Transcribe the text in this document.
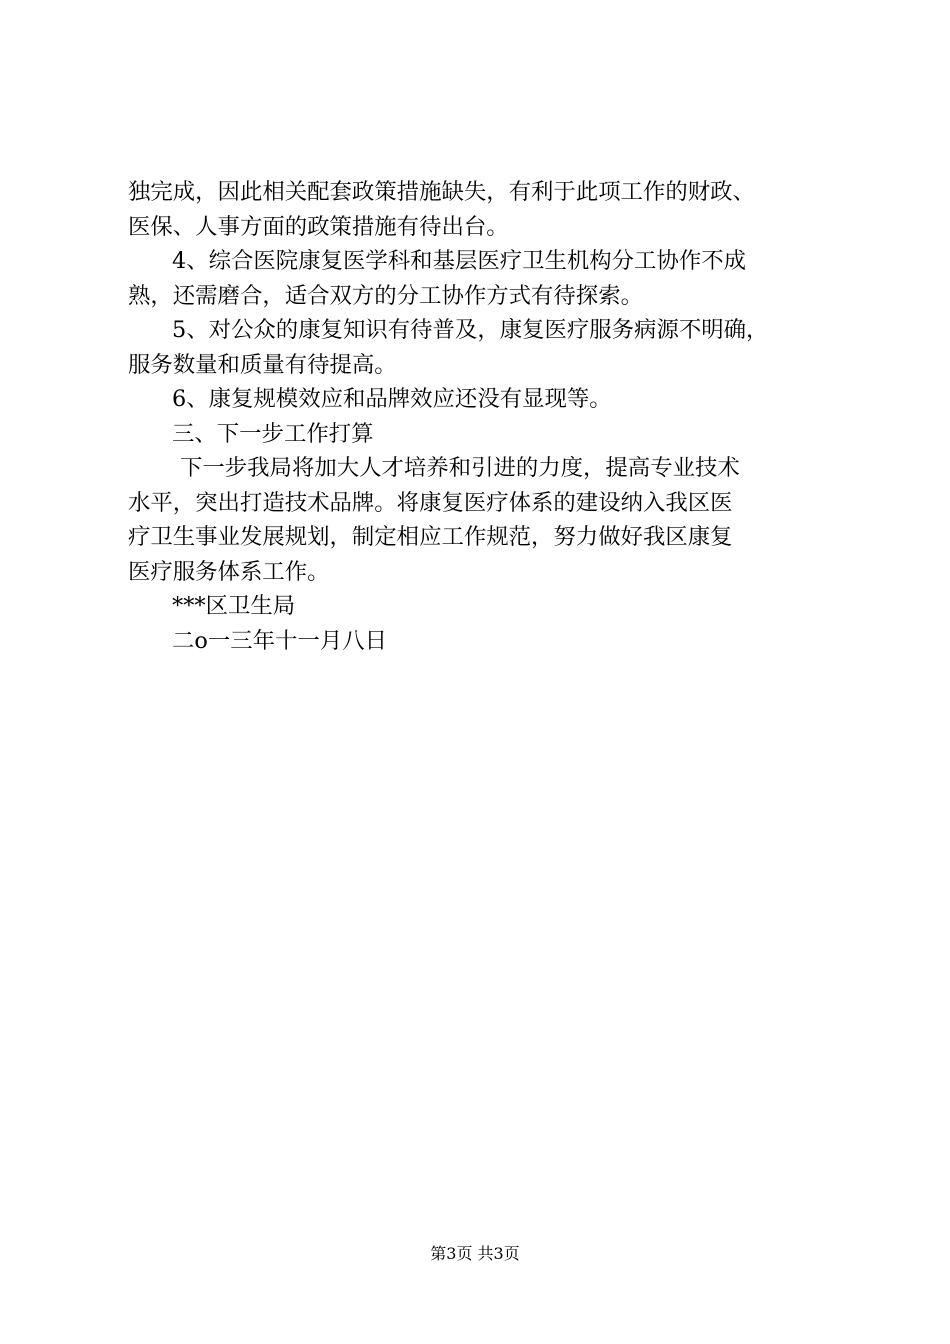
独完成，因此相关配套政策措施缺失，有利于此项工作的财政、
医保、人事方面的政策措施有待出台。
4、综合医院康复医学科和基层医疗卫生机构分工协作不成
熟，还需磨合，适合双方的分工协作方式有待探索。
5、对公众的康复知识有待普及，康复医疗服务病源不明确，
服务数量和质量有待提高。
6、康复规模效应和品牌效应还没有显现等。
三、下一步工作打算
下一步我局将加大人才培养和引进的力度，提高专业技术
水平，突出打造技术品牌。将康复医疗体系的建设纳入我区医
疗卫生事业发展规划，制定相应工作规范，努力做好我区康复
医疗服务体系工作。
***区卫生局
二o一三年十一月八日
第3页 共3页
